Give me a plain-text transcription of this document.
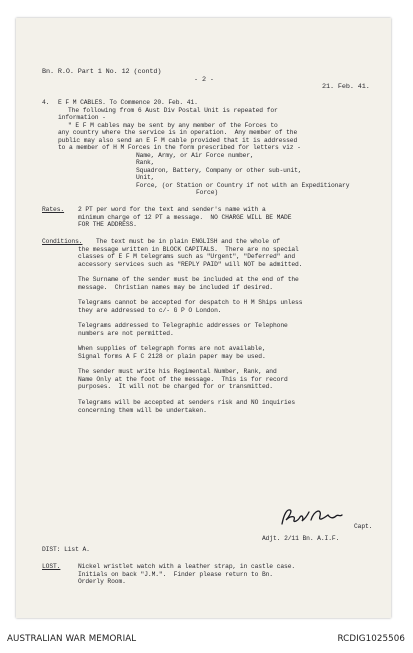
Bn. R.O. Part 1 No. 12 (contd)

- 2 -

21. Feb. 41.

4. E F M CABLES. To Commence 20. Feb. 41.
The following from 6 Aust Div Postal Unit is repeated for
information -
" E F M cables may be sent by any member of the Forces to
any country where the service is in operation.  Any member of the
public may also send an E F M cable provided that it is addressed
to a member of H M Forces in the form prescribed for letters viz -
Name, Army, or Air Force number,
Rank,
Squadron, Battery, Company or other sub-unit,
Unit,
Force, (or Station or Country if not with an Expeditionary
Force)
Rates. 2 PT per word for the text and sender's name with a
minimum charge of 12 PT a message.  NO CHARGE WILL BE MADE
FOR THE ADDRESS.
Conditions. The text must be in plain ENGLISH and the whole of
the message written in BLOCK CAPITALS.  There are no special
classes of E F M telegrams such as "Urgent", "Deferred" and
accessory services such as "REPLY PAID" will NOT be admitted.
The Surname of the sender must be included at the end of the
message.  Christian names may be included if desired.
Telegrams cannot be accepted for despatch to H M Ships unless
they are addressed to c/- G P O London.
Telegrams addressed to Telegraphic addresses or Telephone
numbers are not permitted.
When supplies of telegraph forms are not available,
Signal forms A F C 2128 or plain paper may be used.
The sender must write his Regimental Number, Rank, and
Name Only at the foot of the message.  This is for record
purposes.  It will not be charged for or transmitted.
Telegrams will be accepted at senders risk and NO inquiries
concerning them will be undertaken.
Capt.
Adjt. 2/11 Bn. A.I.F.
DIST: List A.
LOST.	Nickel wristlet watch with a leather strap, in castle case.
Initials on back "J.M.".  Finder please return to Bn.
Orderly Room.
AUSTRALIAN WAR MEMORIAL	RCDIG1025506
